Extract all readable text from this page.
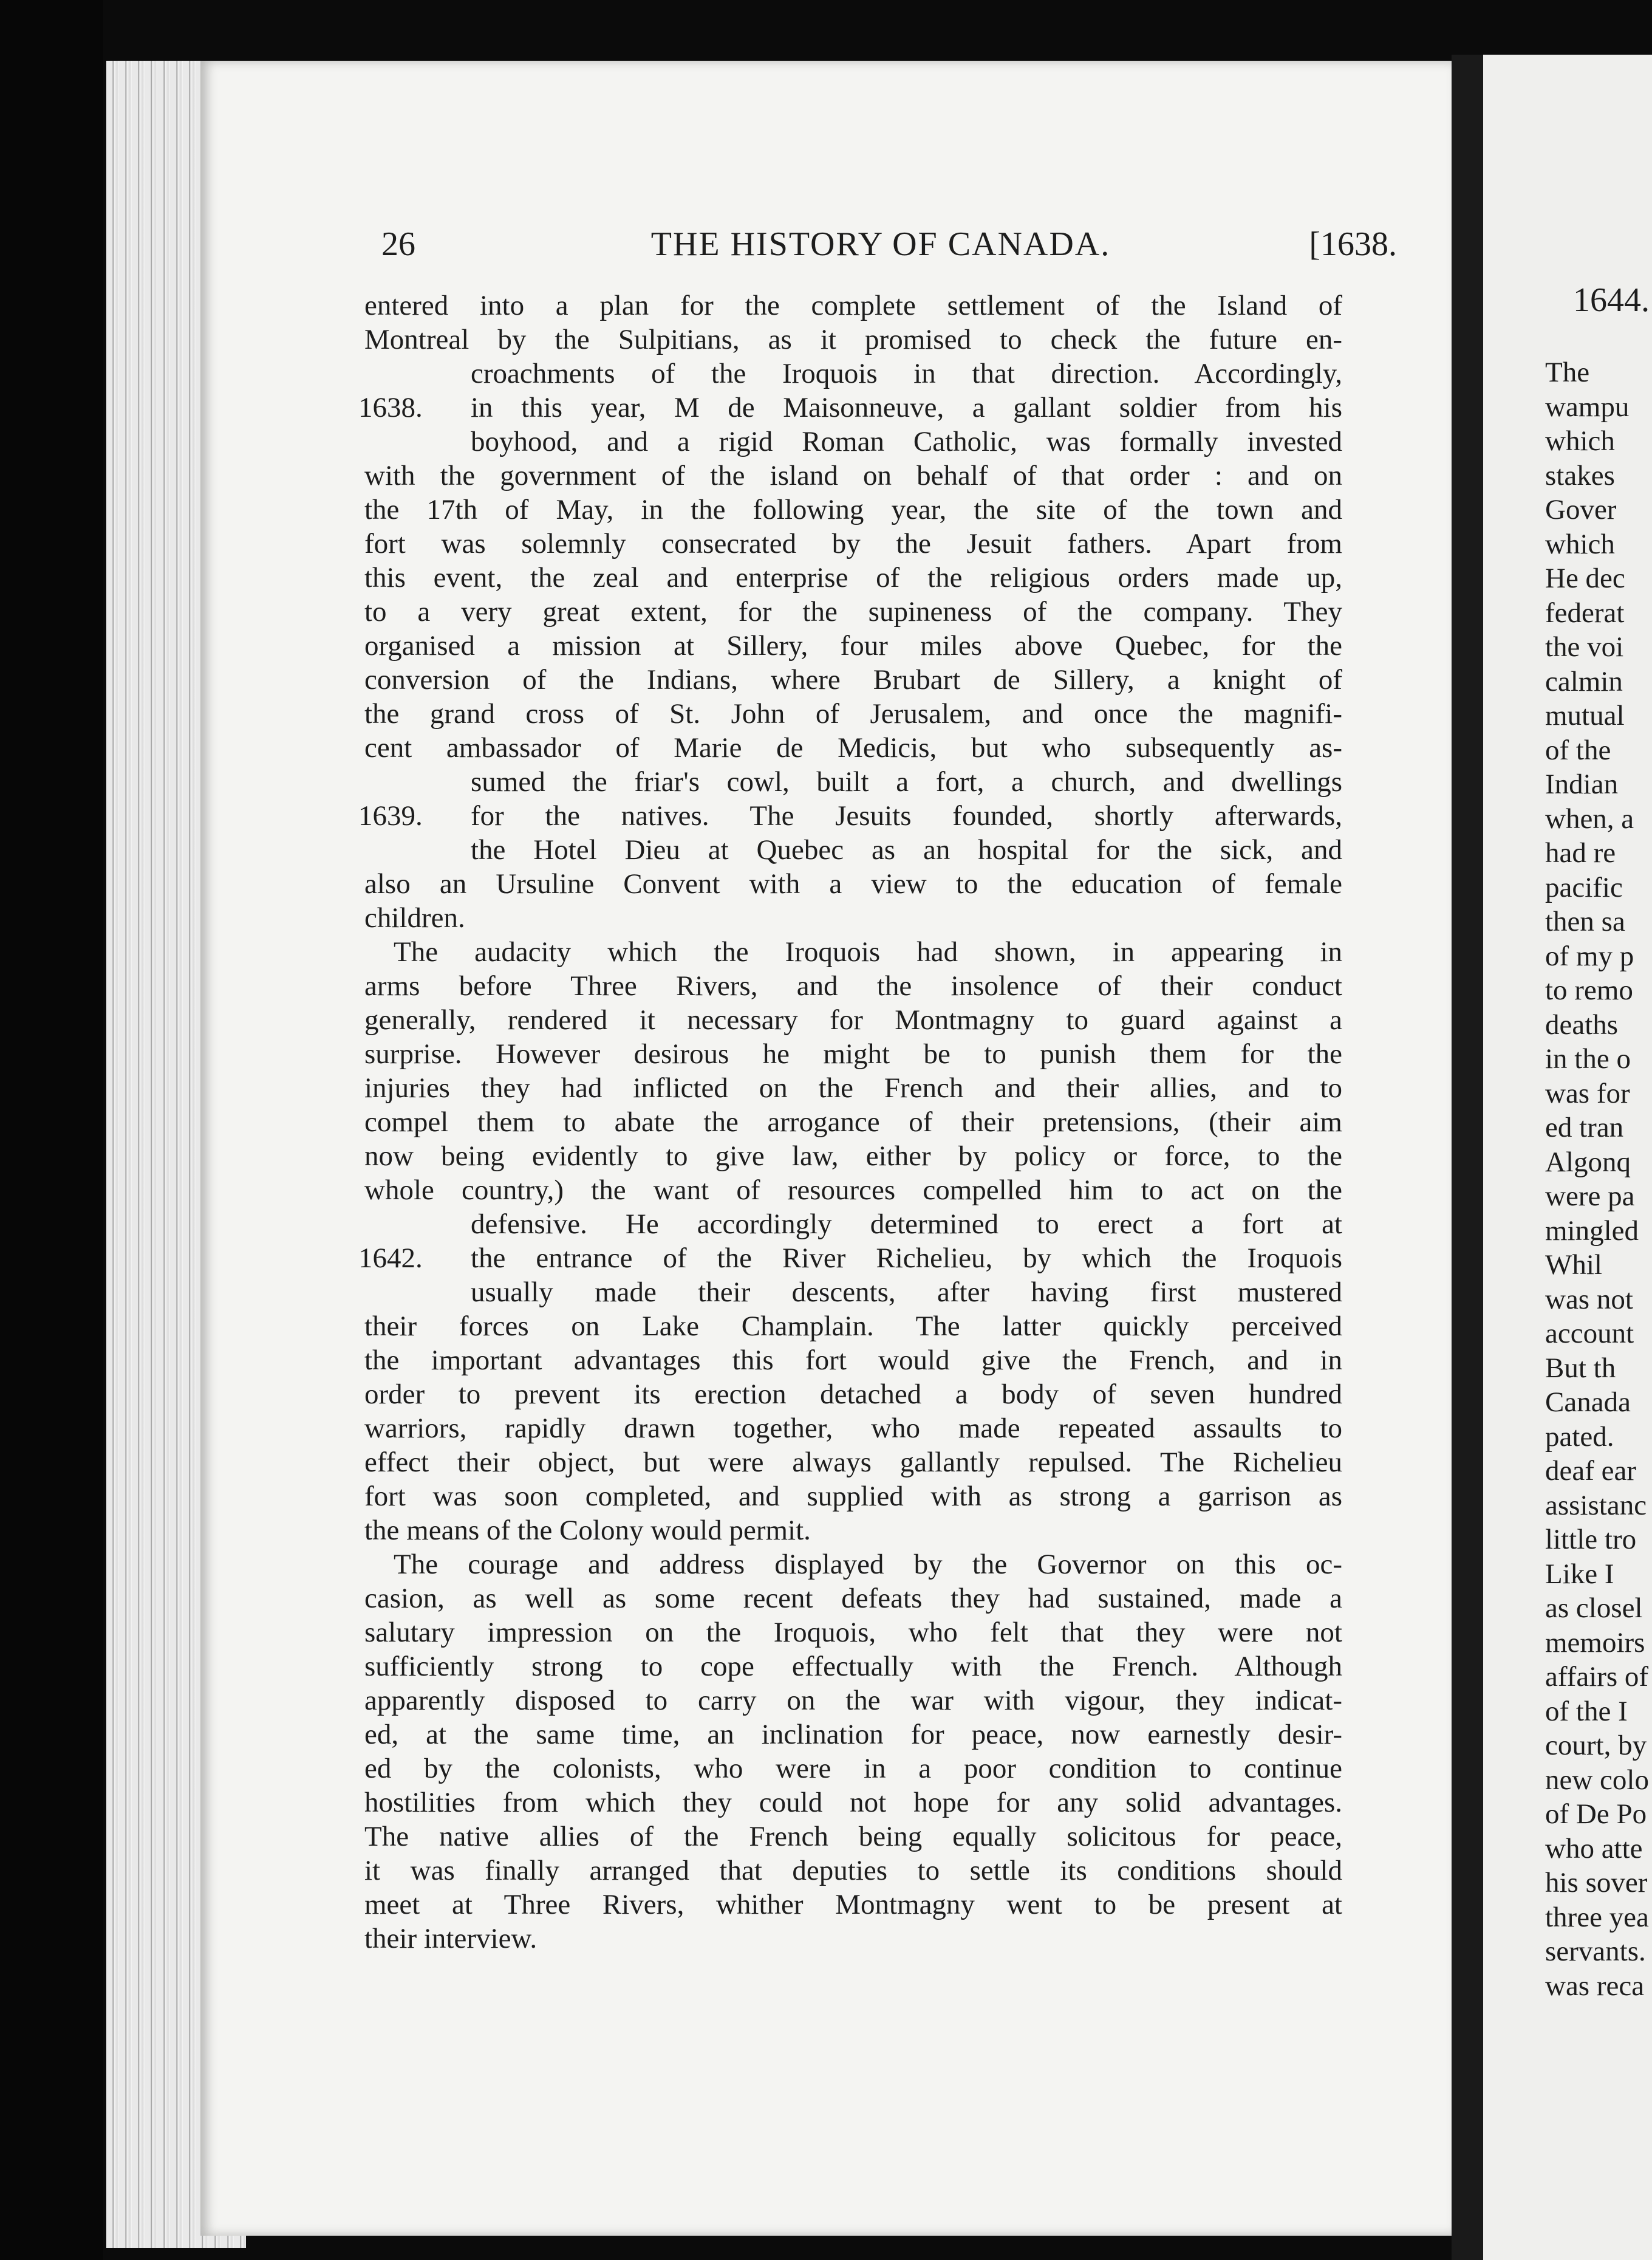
1644.
The
wampu
which
stakes
Gover
which
He dec
federat
the voi
calmin
mutual
of the
Indian
when, a
had re
pacific
then sa
of my p
to remo
deaths
in the o
was for
ed tran
Algonq
were pa
mingled
Whil
was not
account
But th
Canada
pated.
deaf ear
assistanc
little tro
Like I
as closel
memoirs
affairs of
of the I
court, by
new colo
of De Po
who atte
his sover
three yea
servants.
was reca
26	THE HISTORY OF CANADA.	[1638.
entered into a plan for the complete settlement of the Island of
Montreal by the Sulpitians, as it promised to check the future en-
croachments of the Iroquois in that direction. Accordingly,
1638. in this year, M de Maisonneuve, a gallant soldier from his
boyhood, and a rigid Roman Catholic, was formally invested
with the government of the island on behalf of that order : and on
the 17th of May, in the following year, the site of the town and
fort was solemnly consecrated by the Jesuit fathers. Apart from
this event, the zeal and enterprise of the religious orders made up,
to a very great extent, for the supineness of the company. They
organised a mission at Sillery, four miles above Quebec, for the
conversion of the Indians, where Brubart de Sillery, a knight of
the grand cross of St. John of Jerusalem, and once the magnifi-
cent ambassador of Marie de Medicis, but who subsequently as-
sumed the friar's cowl, built a fort, a church, and dwellings
1639. for the natives. The Jesuits founded, shortly afterwards,
the Hotel Dieu at Quebec as an hospital for the sick, and
also an Ursuline Convent with a view to the education of female
children.
The audacity which the Iroquois had shown, in appearing in
arms before Three Rivers, and the insolence of their conduct
generally, rendered it necessary for Montmagny to guard against a
surprise. However desirous he might be to punish them for the
injuries they had inflicted on the French and their allies, and to
compel them to abate the arrogance of their pretensions, (their aim
now being evidently to give law, either by policy or force, to the
whole country,) the want of resources compelled him to act on the
defensive. He accordingly determined to erect a fort at
1642. the entrance of the River Richelieu, by which the Iroquois
usually made their descents, after having first mustered
their forces on Lake Champlain. The latter quickly perceived
the important advantages this fort would give the French, and in
order to prevent its erection detached a body of seven hundred
warriors, rapidly drawn together, who made repeated assaults to
effect their object, but were always gallantly repulsed. The Richelieu
fort was soon completed, and supplied with as strong a garrison as
the means of the Colony would permit.
The courage and address displayed by the Governor on this oc-
casion, as well as some recent defeats they had sustained, made a
salutary impression on the Iroquois, who felt that they were not
sufficiently strong to cope effectually with the French. Although
apparently disposed to carry on the war with vigour, they indicat-
ed, at the same time, an inclination for peace, now earnestly desir-
ed by the colonists, who were in a poor condition to continue
hostilities from which they could not hope for any solid advantages.
The native allies of the French being equally solicitous for peace,
it was finally arranged that deputies to settle its conditions should
meet at Three Rivers, whither Montmagny went to be present at
their interview.
